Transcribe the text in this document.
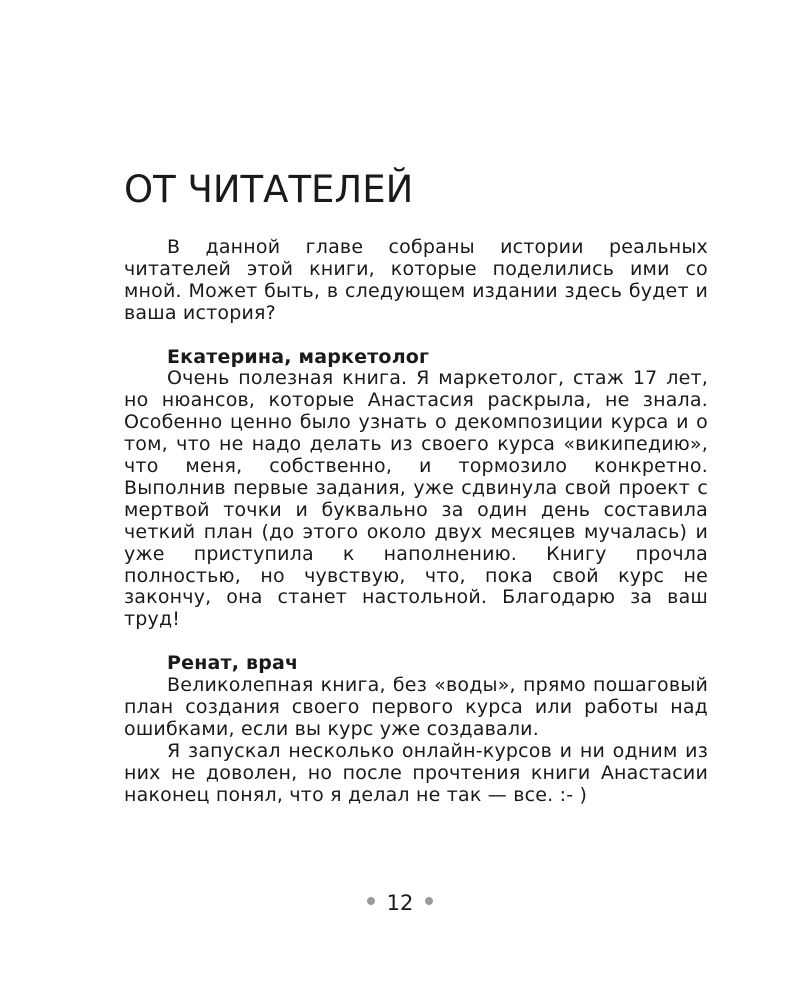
ОТ ЧИТАТЕЛЕЙ

В данной главе собраны истории реальных читателей этой книги, которые поделились ими со мной. Может быть, в следующем издании здесь будет и ваша история?

Екатерина, маркетолог

Очень полезная книга. Я маркетолог, стаж 17 лет, но нюансов, которые Анастасия раскрыла, не знала. Особенно ценно было узнать о декомпозиции курса и о том, что не надо делать из своего курса «википедию», что меня, собственно, и тормозило конкретно. Выполнив первые задания, уже сдвинула свой проект с мертвой точки и буквально за один день составила четкий план (до этого около двух месяцев мучалась) и уже приступила к наполнению. Книгу прочла полностью, но чувствую, что, пока свой курс не закончу, она станет настольной. Благодарю за ваш труд!

Ренат, врач

Великолепная книга, без «воды», прямо пошаговый план создания своего первого курса или работы над ошибками, если вы курс уже создавали.

Я запускал несколько онлайн-курсов и ни одним из них не доволен, но после прочтения книги Анастасии наконец понял, что я делал не так — все. :- )

12
